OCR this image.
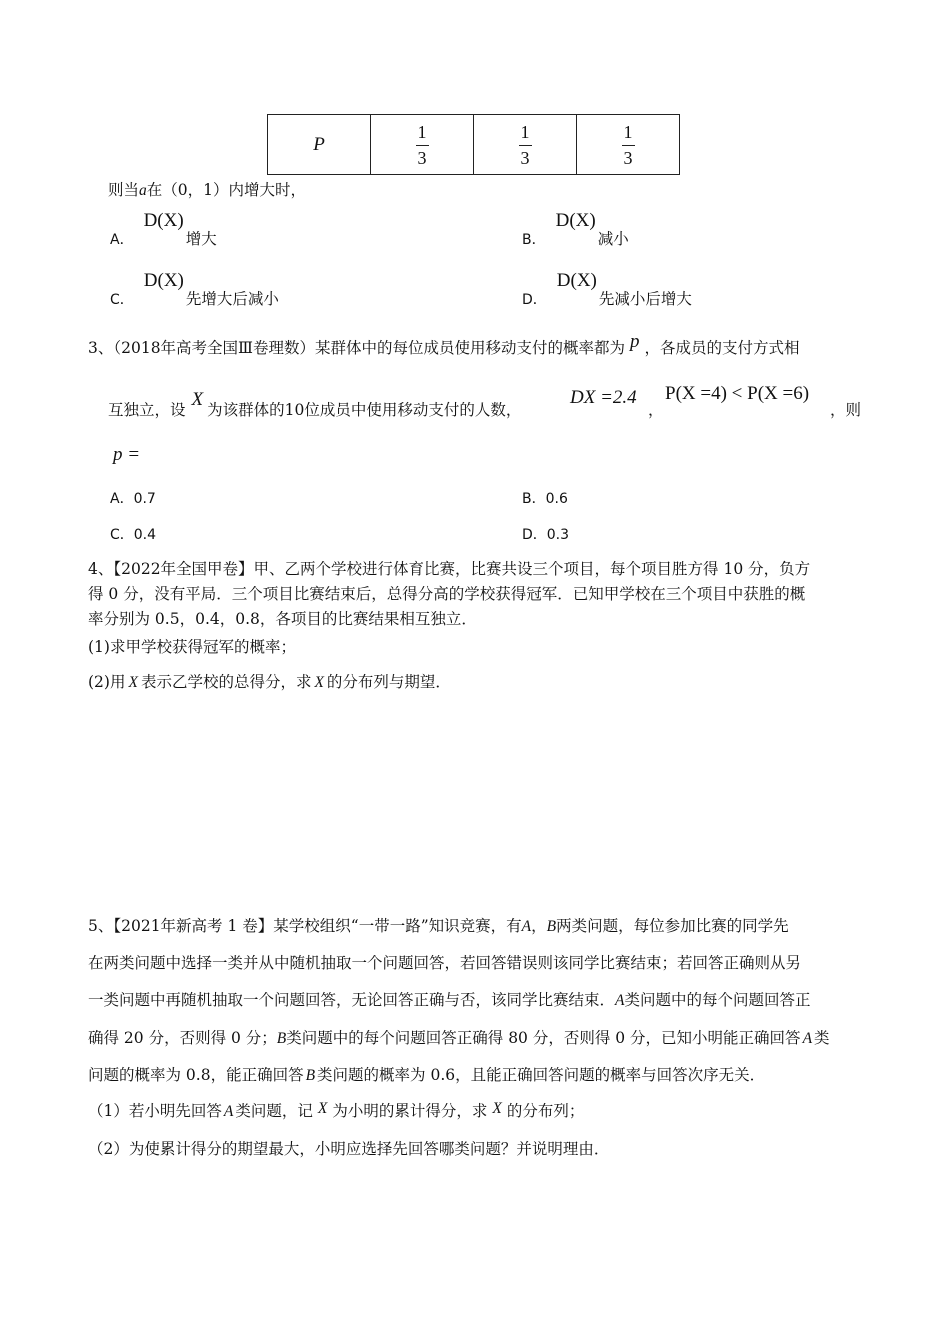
P	$\frac{1}{3}$	$\frac{1}{3}$	$\frac{1}{3}$
则当a在（0，1）内增大时，
A．D(X)增大	B．D(X)减小
C．D(X)先增大后减小	D．D(X)先减小后增大
3、（2018年高考全国Ⅲ卷理数）某群体中的每位成员使用移动支付的概率都为 p ，各成员的支付方式相
互独立，设 X 为该群体的10位成员中使用移动支付的人数，
DX =2.4
，
P(X =4) < P(X =6)
，则
p =
A．0.7	B．0.6
C．0.4	D．0.3
4、【2022年全国甲卷】甲、乙两个学校进行体育比赛，比赛共设三个项目，每个项目胜方得 10 分，负方
得 0 分，没有平局．三个项目比赛结束后，总得分高的学校获得冠军．已知甲学校在三个项目中获胜的概
率分别为 0.5，0.4，0.8，各项目的比赛结果相互独立．
(1)求甲学校获得冠军的概率；
(2)用 X 表示乙学校的总得分，求 X 的分布列与期望．
5、【2021年新高考 1 卷】某学校组织“一带一路”知识竞赛，有A，B两类问题，每位参加比赛的同学先
在两类问题中选择一类并从中随机抽取一个问题回答，若回答错误则该同学比赛结束；若回答正确则从另
一类问题中再随机抽取一个问题回答，无论回答正确与否，该同学比赛结束．A类问题中的每个问题回答正
确得 20 分，否则得 0 分；B类问题中的每个问题回答正确得 80 分，否则得 0 分，已知小明能正确回答 A 类
问题的概率为 0.8，能正确回答 B 类问题的概率为 0.6，且能正确回答问题的概率与回答次序无关．
（1）若小明先回答 A 类问题，记 X 为小明的累计得分，求 X 的分布列；
（2）为使累计得分的期望最大，小明应选择先回答哪类问题？并说明理由．
